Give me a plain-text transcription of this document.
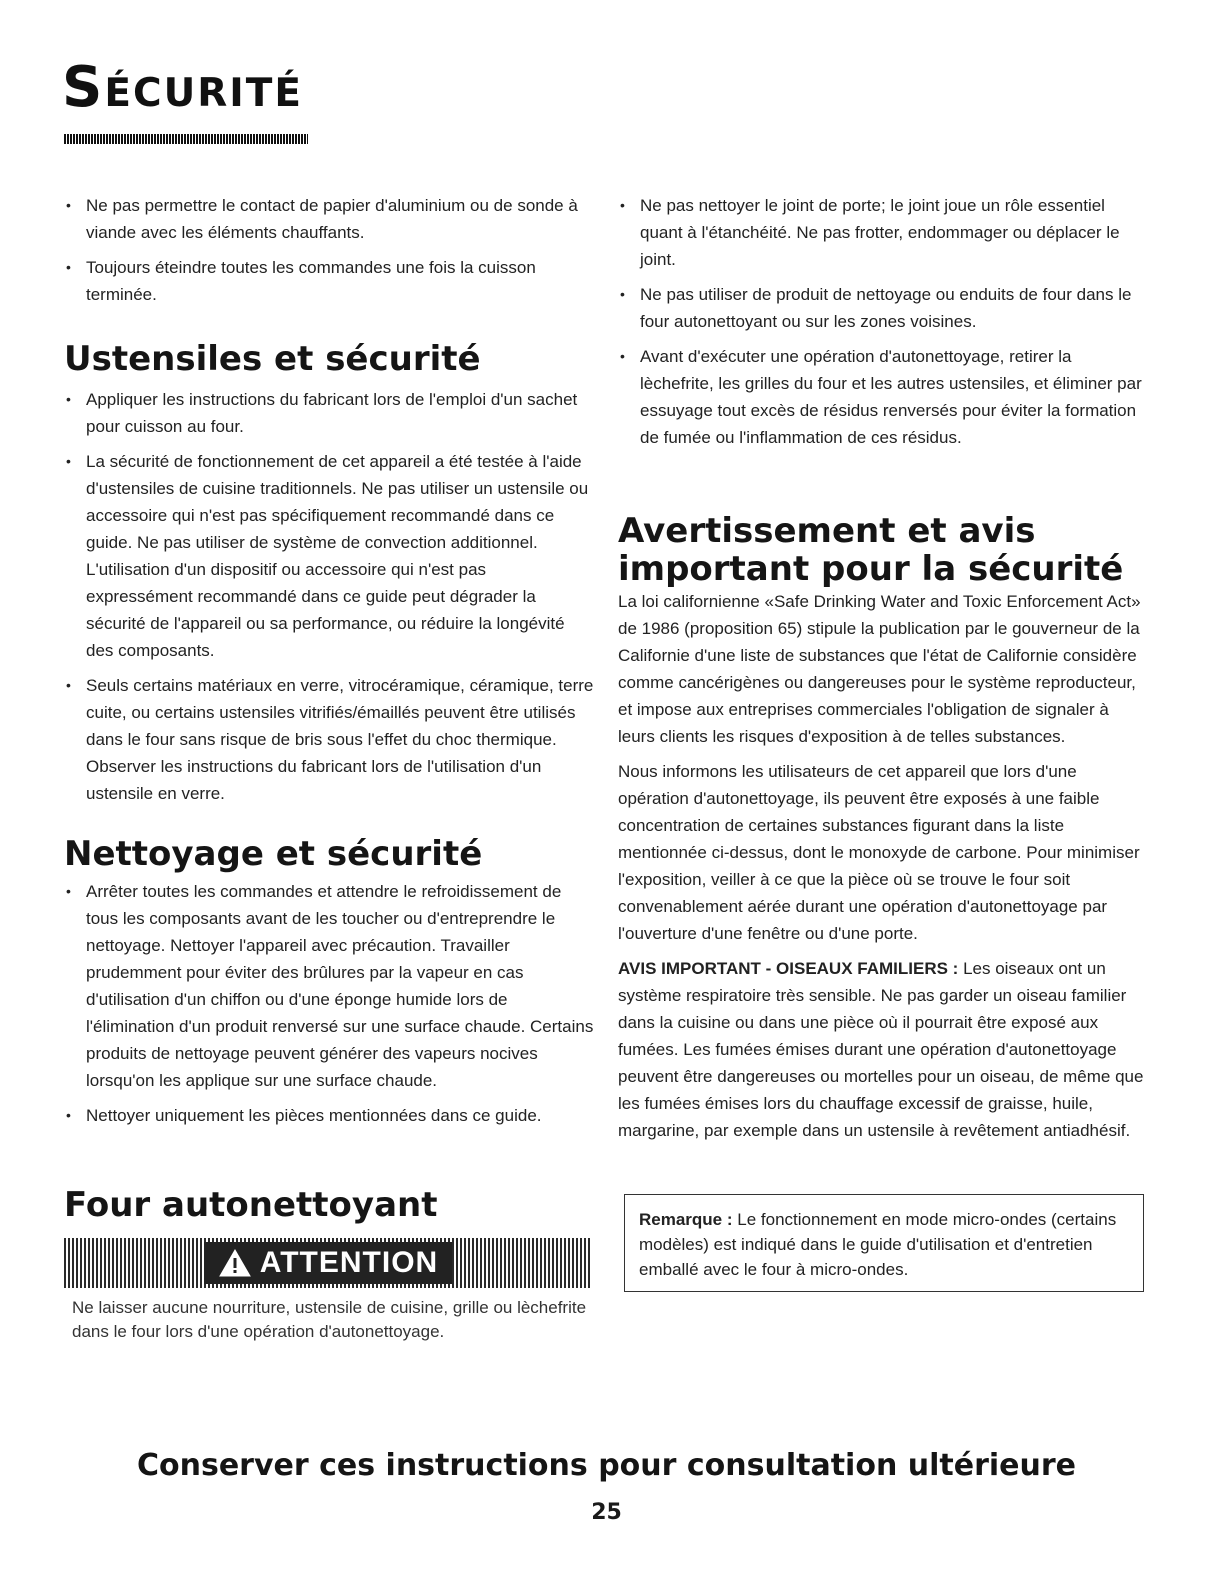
Sécurité
• Ne pas permettre le contact de papier d'aluminium ou de sonde à viande avec les éléments chauffants.
• Toujours éteindre toutes les commandes une fois la cuisson terminée.
Ustensiles et sécurité
• Appliquer les instructions du fabricant lors de l'emploi d'un sachet pour cuisson au four.
• La sécurité de fonctionnement de cet appareil a été testée à l'aide d'ustensiles de cuisine traditionnels. Ne pas utiliser un ustensile ou accessoire qui n'est pas spécifiquement recommandé dans ce guide. Ne pas utiliser de système de convection additionnel. L'utilisation d'un dispositif ou accessoire qui n'est pas expressément recommandé dans ce guide peut dégrader la sécurité de l'appareil ou sa performance, ou réduire la longévité des composants.
• Seuls certains matériaux en verre, vitrocéramique, céramique, terre cuite, ou certains ustensiles vitrifiés/émaillés peuvent être utilisés dans le four sans risque de bris sous l'effet du choc thermique. Observer les instructions du fabricant lors de l'utilisation d'un ustensile en verre.
Nettoyage et sécurité
• Arrêter toutes les commandes et attendre le refroidissement de tous les composants avant de les toucher ou d'entreprendre le nettoyage. Nettoyer l'appareil avec précaution. Travailler prudemment pour éviter des brûlures par la vapeur en cas d'utilisation d'un chiffon ou d'une éponge humide lors de l'élimination d'un produit renversé sur une surface chaude. Certains produits de nettoyage peuvent générer des vapeurs nocives lorsqu'on les applique sur une surface chaude.
• Nettoyer uniquement les pièces mentionnées dans ce guide.
Four autonettoyant
ATTENTION
Ne laisser aucune nourriture, ustensile de cuisine, grille ou lèchefrite dans le four lors d'une opération d'autonettoyage.
• Ne pas nettoyer le joint de porte; le joint joue un rôle essentiel quant à l'étanchéité. Ne pas frotter, endommager ou déplacer le joint.
• Ne pas utiliser de produit de nettoyage ou enduits de four dans le four autonettoyant ou sur les zones voisines.
• Avant d'exécuter une opération d'autonettoyage, retirer la lèchefrite, les grilles du four et les autres ustensiles, et éliminer par essuyage tout excès de résidus renversés pour éviter la formation de fumée ou l'inflammation de ces résidus.
Avertissement et avis important pour la sécurité

La loi californienne «Safe Drinking Water and Toxic Enforcement Act» de 1986 (proposition 65) stipule la publication par le gouverneur de la Californie d'une liste de substances que l'état de Californie considère comme cancérigènes ou dangereuses pour le système reproducteur, et impose aux entreprises commerciales l'obligation de signaler à leurs clients les risques d'exposition à de telles substances.

Nous informons les utilisateurs de cet appareil que lors d'une opération d'autonettoyage, ils peuvent être exposés à une faible concentration de certaines substances figurant dans la liste mentionnée ci-dessus, dont le monoxyde de carbone. Pour minimiser l'exposition, veiller à ce que la pièce où se trouve le four soit convenablement aérée durant une opération d'autonettoyage par l'ouverture d'une fenêtre ou d'une porte.

AVIS IMPORTANT - OISEAUX FAMILIERS : Les oiseaux ont un système respiratoire très sensible. Ne pas garder un oiseau familier dans la cuisine ou dans une pièce où il pourrait être exposé aux fumées. Les fumées émises durant une opération d'autonettoyage peuvent être dangereuses ou mortelles pour un oiseau, de même que les fumées émises lors du chauffage excessif de graisse, huile, margarine, par exemple dans un ustensile à revêtement antiadhésif.

Remarque : Le fonctionnement en mode micro-ondes (certains modèles) est indiqué dans le guide d'utilisation et d'entretien emballé avec le four à micro-ondes.
Conserver ces instructions pour consultation ultérieure
25
